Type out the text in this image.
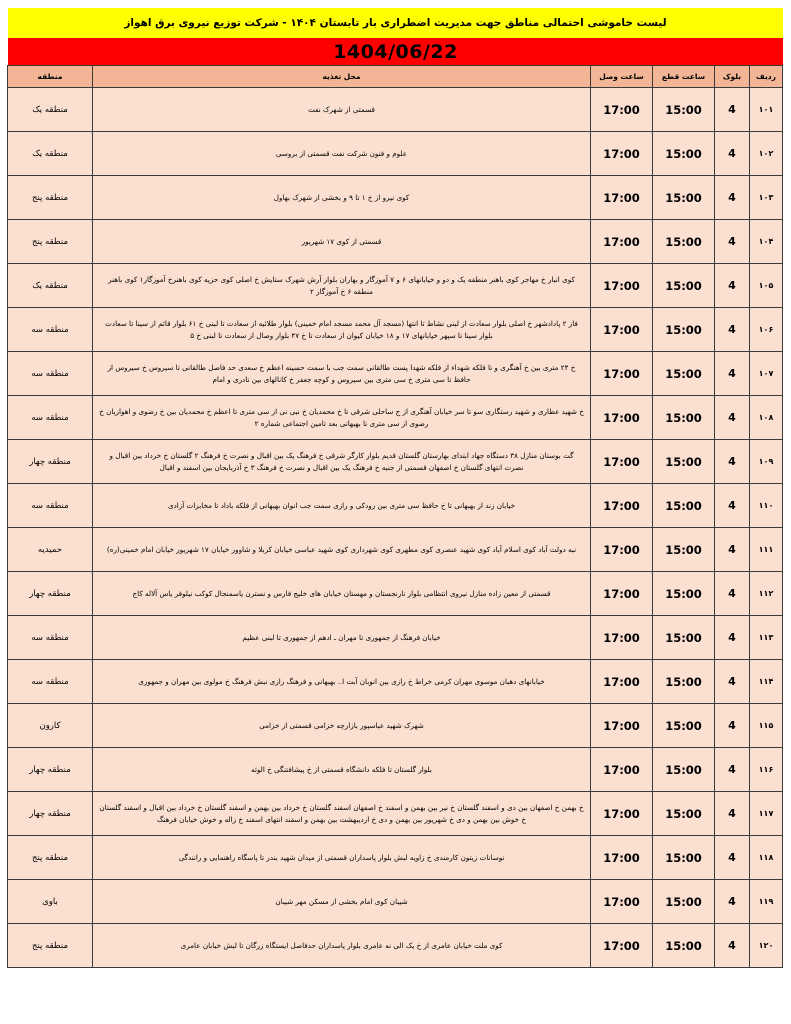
لیست خاموشی احتمالی مناطق جهت مدیریت اضطراری بار تابستان ۱۴۰۴ - شرکت توزیع نیروی برق اهواز
1404/06/22
ردیف	بلوک	ساعت قطع	ساعت وصل	محل تغذیه	منطقه
۱۰۱	4	15:00	17:00	قسمتی از شهرک نفت	منطقه یک
۱۰۲	4	15:00	17:00	علوم و فنون شرکت نفت قسمتی از بروسی	منطقه یک
۱۰۳	4	15:00	17:00	کوی نیرو از خ ۱ تا ۹ و بخشی از شهرک بهاول	منطقه پنج
۱۰۴	4	15:00	17:00	قسمتی از کوی ۱۷ شهریور	منطقه پنج
۱۰۵	4	15:00	17:00	کوی انبار خ مهاجر کوی باهنر منطقه یک و دو و خیابانهای ۶ و ۷ آموزگار و بهاران بلوار آرش شهرک ستایش خ اصلی کوی حزیه کوی باهنرخ آموزگار۱ کوی باهنر منطقه ۶ خ آموزگار ۲	منطقه یک
۱۰۶	4	15:00	17:00	فاز ۲ پادادشهر خ اصلی بلوار سعادت از لبنی نشاط تا انتها (مسجد آل محمد مسجد امام خمینی) بلوار طلائیه از سعادت تا لبنی خ ۶۱ بلوار قائم از سینا تا سعادت بلوار سینا تا سپهر خیابانهای ۱۷ و ۱۸ خیابان کیوان از سعادت تا خ ۴۷ بلوار وصال از سعادت تا لبنی خ ۵	منطقه سه
۱۰۷	4	15:00	17:00	خ ۲۴ متری بین خ آهنگری و تا فلکه شهداء از فلکه شهدا پست طالقانی سمت جب با سمت حسینه اعظم خ سعدی حد فاصل طالقانی تا سیروس خ سیروس از حافظ تا سی متری خ سی متری بین سیروس و کوچه جعفر خ کانالهای بین نادری و امام	منطقه سه
۱۰۸	4	15:00	17:00	خ شهید عطاری و شهید رستگاری سو تا سر خیابان آهنگری از ج ساحلی شرقی تا خ محمدیان خ نبی نی از سی متری تا اعظم خ محمدیان بین خ رضوی و اهوازیان خ رضوی از سی متری تا بهبهانی بعد تامین اجتماعی شماره ۲	منطقه سه
۱۰۹	4	15:00	17:00	گت بوستان منازل ۳۸ دستگاه جهاد ابتدای بهارستان گلستان قدیم بلوار کارگر شرقی خ فرهنگ یک بین اقبال و نصرت خ فرهنگ ۲ گلستان خ خرداد بین اقبال و نصرت انتهای گلستان خ اصفهان قسمتی از جنبه خ فرهنگ یک بین اقبال و نصرت خ فرهنگ ۳ خ آذربایجان بین اسفند و اقبال	منطقه چهار
۱۱۰	4	15:00	17:00	خیابان زند از بهبهانی تا خ حافظ سی متری بین رودکی و رازی سمت جب انوان بهبهانی از فلکه باداد تا مخابرات آزادی	منطقه سه
۱۱۱	4	15:00	17:00	نبه دولت آباد کوی اسلام آباد کوی شهید عنصری کوی مطهری کوی شهرداری کوی شهید عباسی خیابان کربلا و شاوور خیابان ۱۷ شهریور خیابان امام خمینی(ره)	حمیدیه
۱۱۲	4	15:00	17:00	قسمتی از معین زاده منازل نیروی انتظامی بلوار نارنجستان و مهستان خیابان های خلیج فارس و نسترن یاسمنجال کوکب نیلوفر یاس آلاله کاج	منطقه چهار
۱۱۳	4	15:00	17:00	خیابان فرهنگ از جمهوری تا مهران ـ ادهم از جمهوری تا لبنی عظیم	منطقه سه
۱۱۴	4	15:00	17:00	خیابانهای دهبان موسوی مهران کرمی خراط خ رازی بین انوبان آبت ا.. بهبهانی و فرهنگ رازی نبش فرهنگ خ مولوی بین مهران و جمهوری	منطقه سه
۱۱۵	4	15:00	17:00	شهرک شهید عباسپور بازارچه خزامی قسمتی از خزامی	کارون
۱۱۶	4	15:00	17:00	بلوار گلستان تا فلکه دانشگاه قسمتی از خ پیشافتنگی خ الوئه	منطقه چهار
۱۱۷	4	15:00	17:00	خ بهمن خ اصفهان بین دی و اسفند گلستان خ نیر بین بهمن و اسفند خ اصفهان اسفند گلستان خ خرداد بین بهمن و اسفند گلستان خ خرداد بین اقبال و اسفند گلستان خ خوش بین بهمن و دی خ شهریور بین بهمن و دی خ اردیبهشت بین بهمن و اسفند انتهای اسفند خ زاله و خوش خیابان فرهنگ	منطقه چهار
۱۱۸	4	15:00	17:00	نوسانات زیتون کارمندی خ زاویه لبش بلوار پاسداران قسمتی از میدان شهید بندر تا پاسگاه راهنمایی و رانندگی	منطقه پنج
۱۱۹	4	15:00	17:00	شیبان کوی امام بخشی از مسکن مهر شیبان	باوی
۱۲۰	4	15:00	17:00	کوی ملت خیابان عامری از خ یک الی نه عامری بلوار پاسداران حدفاصل ایستگاه زرگان تا لبش خیابان عامری	منطقه پنج
